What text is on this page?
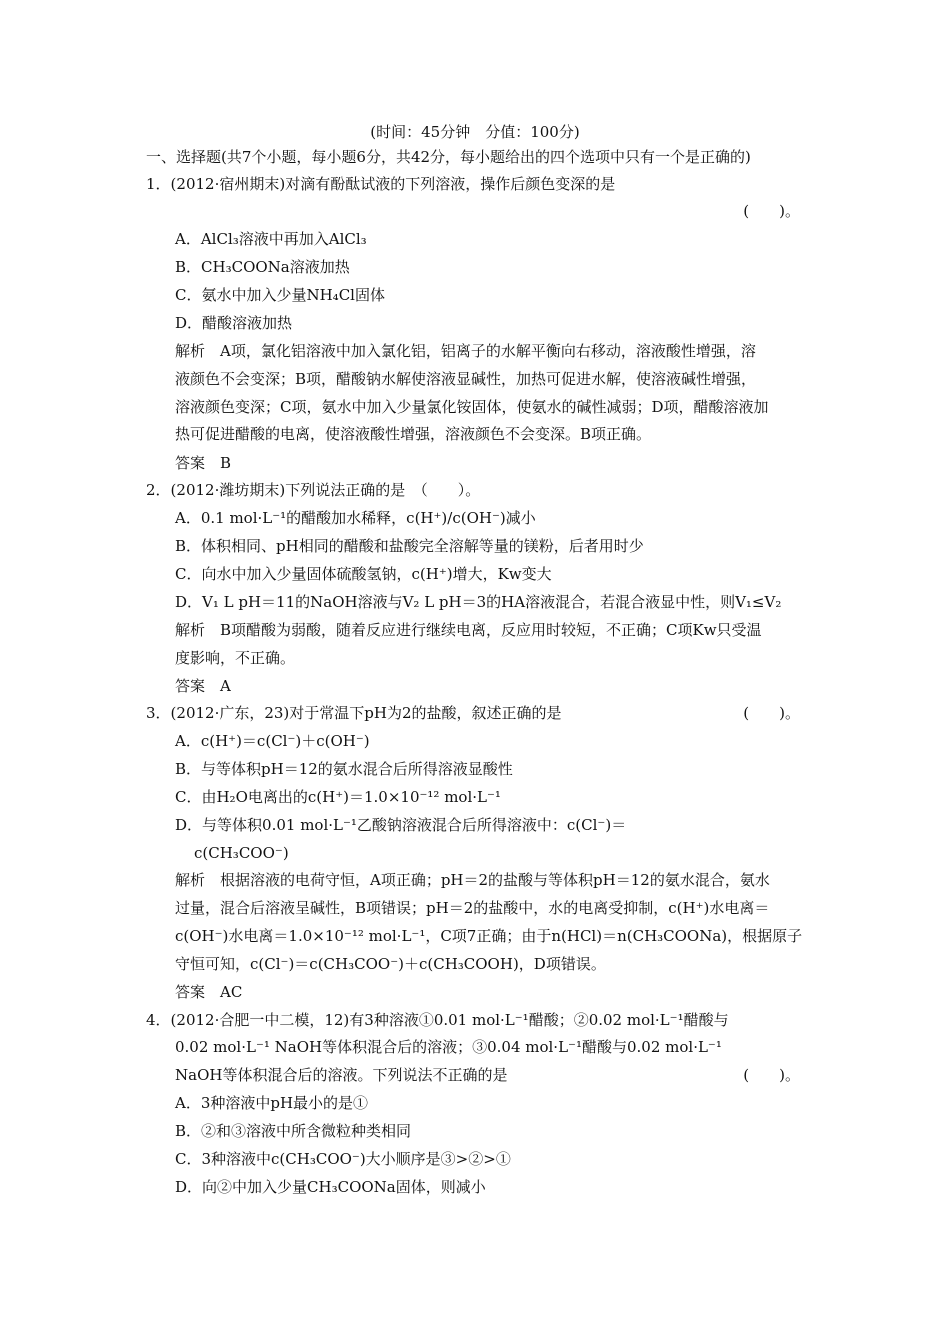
(时间：45分钟　分值：100分)
一、选择题(共7个小题，每小题6分，共42分，每小题给出的四个选项中只有一个是正确的)
1．(2012·宿州期末)对滴有酚酞试液的下列溶液，操作后颜色变深的是
(　　)。
A．AlCl₃溶液中再加入AlCl₃
B．CH₃COONa溶液加热
C．氨水中加入少量NH₄Cl固体
D．醋酸溶液加热
解析　A项，氯化铝溶液中加入氯化铝，铝离子的水解平衡向右移动，溶液酸性增强，溶
液颜色不会变深；B项，醋酸钠水解使溶液显碱性，加热可促进水解，使溶液碱性增强，
溶液颜色变深；C项，氨水中加入少量氯化铵固体，使氨水的碱性减弱；D项，醋酸溶液加
热可促进醋酸的电离，使溶液酸性增强，溶液颜色不会变深。B项正确。
答案　B
2．(2012·潍坊期末)下列说法正确的是　（　　）。
A．0.1 mol·L⁻¹的醋酸加水稀释，c(H⁺)/c(OH⁻)减小
B．体积相同、pH相同的醋酸和盐酸完全溶解等量的镁粉，后者用时少
C．向水中加入少量固体硫酸氢钠，c(H⁺)增大，Kw变大
D．V₁ L pH＝11的NaOH溶液与V₂ L pH＝3的HA溶液混合，若混合液显中性，则V₁≤V₂
解析　B项醋酸为弱酸，随着反应进行继续电离，反应用时较短，不正确；C项Kw只受温
度影响，不正确。
答案　A
3．(2012·广东，23)对于常温下pH为2的盐酸，叙述正确的是	(　　)。
A．c(H⁺)＝c(Cl⁻)＋c(OH⁻)
B．与等体积pH＝12的氨水混合后所得溶液显酸性
C．由H₂O电离出的c(H⁺)＝1.0×10⁻¹² mol·L⁻¹
D．与等体积0.01 mol·L⁻¹乙酸钠溶液混合后所得溶液中：c(Cl⁻)＝
c(CH₃COO⁻)
解析　根据溶液的电荷守恒，A项正确；pH＝2的盐酸与等体积pH＝12的氨水混合，氨水
过量，混合后溶液呈碱性，B项错误；pH＝2的盐酸中，水的电离受抑制，c(H⁺)水电离＝
c(OH⁻)水电离＝1.0×10⁻¹² mol·L⁻¹，C项7正确；由于n(HCl)＝n(CH₃COONa)，根据原子
守恒可知，c(Cl⁻)＝c(CH₃COO⁻)＋c(CH₃COOH)，D项错误。
答案　AC
4．(2012·合肥一中二模，12)有3种溶液①0.01 mol·L⁻¹醋酸；②0.02 mol·L⁻¹醋酸与
0.02 mol·L⁻¹ NaOH等体积混合后的溶液；③0.04 mol·L⁻¹醋酸与0.02 mol·L⁻¹
NaOH等体积混合后的溶液。下列说法不正确的是	(　　)。
A．3种溶液中pH最小的是①
B．②和③溶液中所含微粒种类相同
C．3种溶液中c(CH₃COO⁻)大小顺序是③>②>①
D．向②中加入少量CH₃COONa固体，则减小
